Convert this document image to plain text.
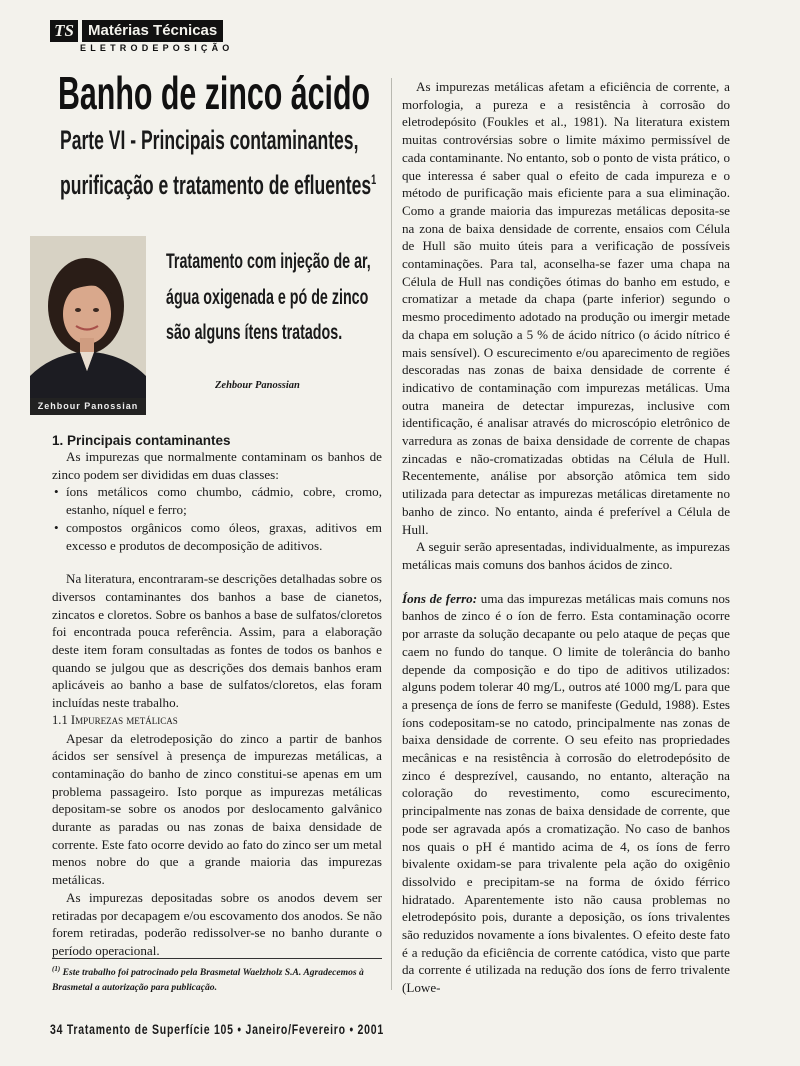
TS Matérias Técnicas
ELETRODEPOSIÇÃO
Banho de zinco ácido
Parte VI - Principais contaminantes,
purificação e tratamento de efluentes$^1$
Zehbour Panossian
Tratamento com injeção de ar,
água oxigenada e pó de zinco
são alguns ítens tratados.
Zehbour Panossian

1. Principais contaminantes

As impurezas que normalmente contaminam os banhos de zinco podem ser divididas em duas classes:

• íons metálicos como chumbo, cádmio, cobre, cromo, estanho, níquel e ferro;
• compostos orgânicos como óleos, graxas, aditivos em excesso e produtos de decomposição de aditivos.

Na literatura, encontraram-se descrições detalhadas sobre os diversos contaminantes dos banhos a base de cianetos, zincatos e cloretos. Sobre os banhos a base de sulfatos/cloretos foi encontrada pouca referência. Assim, para a elaboração deste item foram consultadas as fontes de todos os banhos e quando se julgou que as descrições dos demais banhos eram aplicáveis ao banho a base de sulfatos/cloretos, elas foram incluídas neste trabalho.

1.1 Impurezas metálicas

Apesar da eletrodeposição do zinco a partir de banhos ácidos ser sensível à presença de impurezas metálicas, a contaminação do banho de zinco constitui-se apenas em um problema passageiro. Isto porque as impurezas metálicas depositam-se sobre os anodos por deslocamento galvânico durante as paradas ou nas zonas de baixa densidade de corrente. Este fato ocorre devido ao fato do zinco ser um metal menos nobre do que a grande maioria das impurezas metálicas.

As impurezas depositadas sobre os anodos devem ser retiradas por decapagem e/ou escovamento dos anodos. Se não forem retiradas, poderão redissolver-se no banho durante o período operacional.

$^{(1)}$ Este trabalho foi patrocinado pela Brasmetal Waelzholz S.A. Agradecemos à Brasmetal a autorização para publicação.

As impurezas metálicas afetam a eficiência de corrente, a morfologia, a pureza e a resistência à corrosão do eletrodepósito (Foukles et al., 1981). Na literatura existem muitas controvérsias sobre o limite máximo permissível de cada contaminante. No entanto, sob o ponto de vista prático, o que interessa é saber qual o efeito de cada impureza e o método de purificação mais eficiente para a sua eliminação. Como a grande maioria das impurezas metálicas deposita-se na zona de baixa densidade de corrente, ensaios com Célula de Hull são muito úteis para a verificação de possíveis contaminações. Para tal, aconselha-se fazer uma chapa na Célula de Hull nas condições ótimas do banho em estudo, e cromatizar a metade da chapa (parte inferior) segundo o mesmo procedimento adotado na produção ou imergir metade da chapa em solução a 5 % de ácido nítrico (o ácido nítrico é mais sensível). O escurecimento e/ou aparecimento de regiões descoradas nas zonas de baixa densidade de corrente é indicativo de contaminação com impurezas metálicas. Uma outra maneira de detectar impurezas, inclusive com identificação, é analisar através do microscópio eletrônico de varredura as zonas de baixa densidade de corrente de chapas zincadas e não-cromatizadas obtidas na Célula de Hull. Recentemente, análise por absorção atômica tem sido utilizada para detectar as impurezas metálicas diretamente no banho de zinco. No entanto, ainda é preferível a Célula de Hull.

A seguir serão apresentadas, individualmente, as impurezas metálicas mais comuns dos banhos ácidos de zinco.

Íons de ferro: uma das impurezas metálicas mais comuns nos banhos de zinco é o íon de ferro. Esta contaminação ocorre por arraste da solução decapante ou pelo ataque de peças que caem no fundo do tanque. O limite de tolerância do banho depende da composição e do tipo de aditivos utilizados: alguns podem tolerar 40 mg/L, outros até 1000 mg/L para que a presença de íons de ferro se manifeste (Geduld, 1988). Estes íons codepositam-se no catodo, principalmente nas zonas de baixa densidade de corrente. O seu efeito nas propriedades mecânicas e na resistência à corrosão do eletrodepósito de zinco é desprezível, causando, no entanto, alteração na coloração do revestimento, como escurecimento, principalmente nas zonas de baixa densidade de corrente, que pode ser agravada após a cromatização. No caso de banhos nos quais o pH é mantido acima de 4, os íons de ferro bivalente oxidam-se para trivalente pela ação do oxigênio dissolvido e precipitam-se na forma de óxido férrico hidratado. Aparentemente isto não causa problemas no eletrodepósito pois, durante a deposição, os íons trivalentes são reduzidos novamente a íons bivalentes. O efeito deste fato é a redução da eficiência de corrente catódica, visto que parte da corrente é utilizada na redução dos íons de ferro trivalente (Lowe-

34 Tratamento de Superfície 105 • Janeiro/Fevereiro • 2001
